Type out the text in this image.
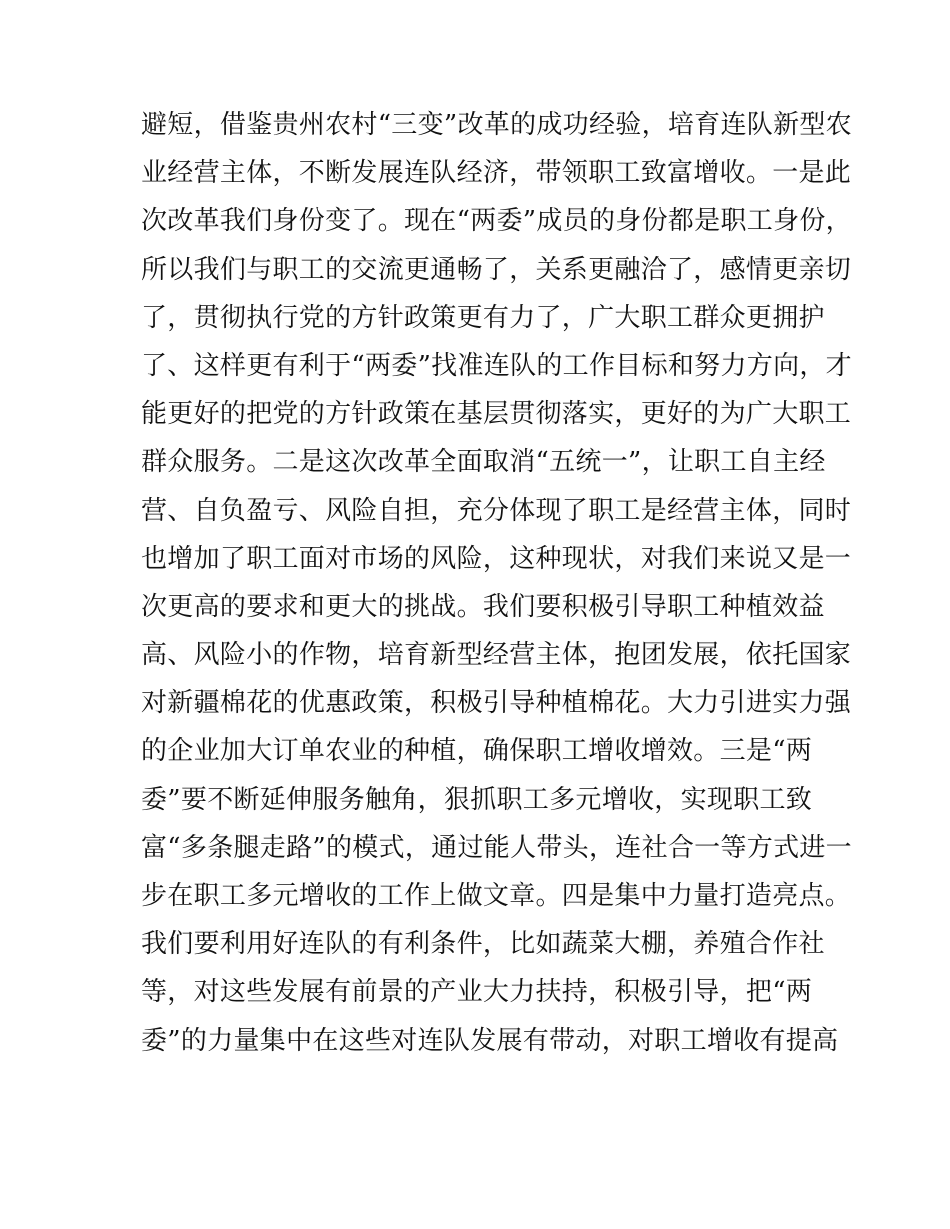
避短，借鉴贵州农村“三变”改革的成功经验，培育连队新型农
业经营主体，不断发展连队经济，带领职工致富增收。一是此
次改革我们身份变了。现在“两委”成员的身份都是职工身份，
所以我们与职工的交流更通畅了，关系更融洽了，感情更亲切
了，贯彻执行党的方针政策更有力了，广大职工群众更拥护
了、这样更有利于“两委”找准连队的工作目标和努力方向，才
能更好的把党的方针政策在基层贯彻落实，更好的为广大职工
群众服务。二是这次改革全面取消“五统一”，让职工自主经
营、自负盈亏、风险自担，充分体现了职工是经营主体，同时
也增加了职工面对市场的风险，这种现状，对我们来说又是一
次更高的要求和更大的挑战。我们要积极引导职工种植效益
高、风险小的作物，培育新型经营主体，抱团发展，依托国家
对新疆棉花的优惠政策，积极引导种植棉花。大力引进实力强
的企业加大订单农业的种植，确保职工增收增效。三是“两
委”要不断延伸服务触角，狠抓职工多元增收，实现职工致
富“多条腿走路”的模式，通过能人带头，连社合一等方式进一
步在职工多元增收的工作上做文章。四是集中力量打造亮点。
我们要利用好连队的有利条件，比如蔬菜大棚，养殖合作社
等，对这些发展有前景的产业大力扶持，积极引导，把“两
委”的力量集中在这些对连队发展有带动，对职工增收有提高
